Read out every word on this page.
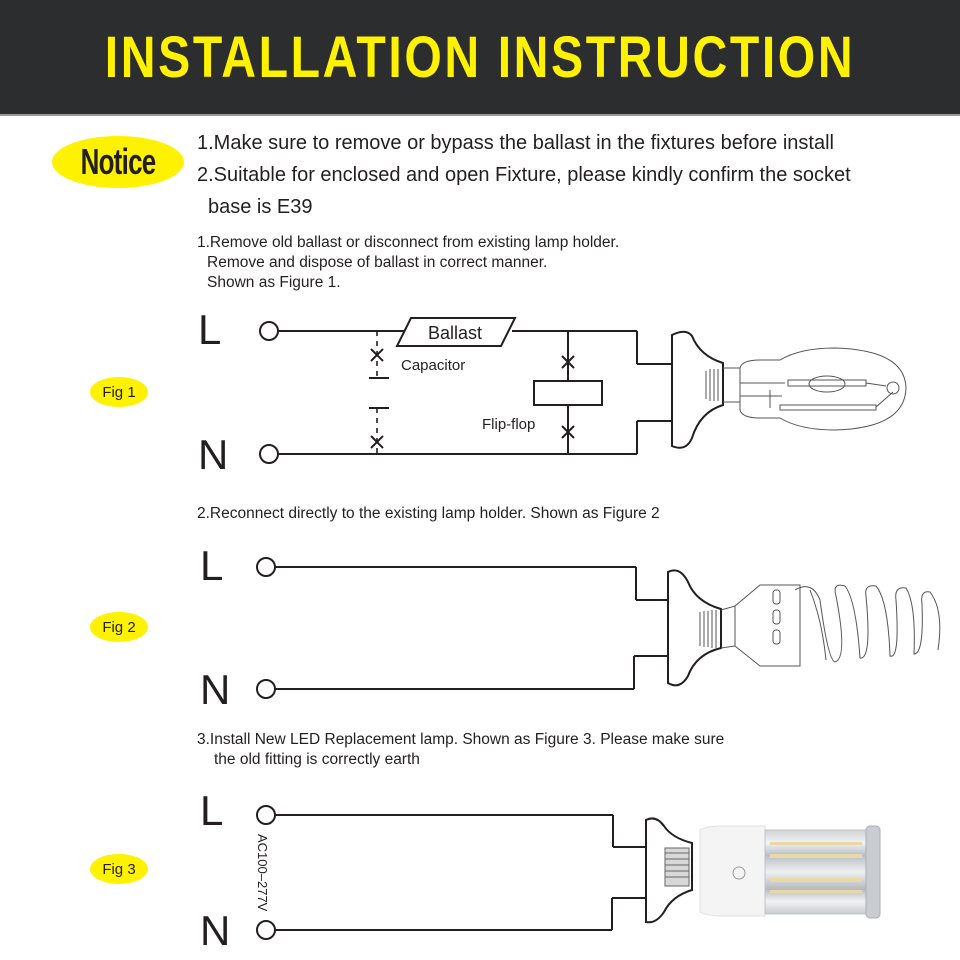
INSTALLATION INSTRUCTION
Notice 1.Make sure to remove or bypass the ballast in the fixtures before install
2.Suitable for enclosed and open Fixture, please kindly confirm the socket
base is E39
1.Remove old ballast or disconnect from existing lamp holder.
Remove and dispose of ballast in correct manner.
Shown as Figure 1.
Fig 1
L
N
Ballast
Capacitor
Flip-flop
2.Reconnect directly to the existing lamp holder. Shown as Figure 2
Fig 2
L
N
3.Install New LED Replacement lamp. Shown as Figure 3. Please make sure
the old fitting is correctly earth
Fig 3
L
N
AC100–277V
